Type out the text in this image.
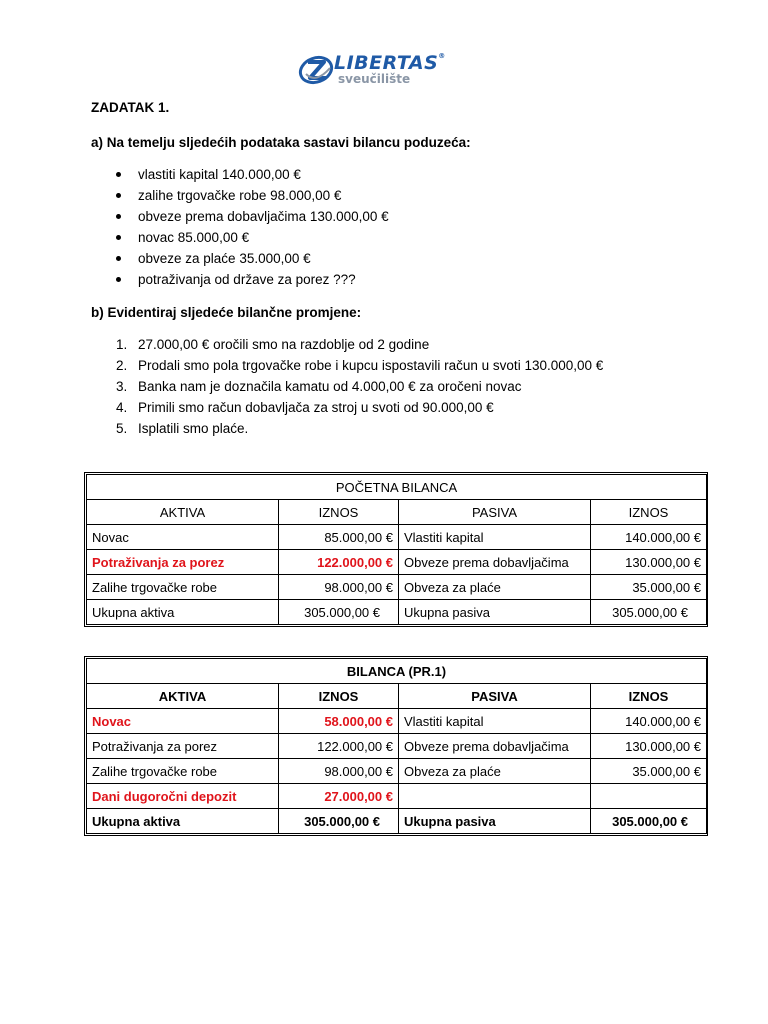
LIBERTAS®
sveučilište
ZADATAK 1.
a) Na temelju sljedećih podataka sastavi bilancu poduzeća:
vlastiti kapital 140.000,00 €
zalihe trgovačke robe 98.000,00 €
obveze prema dobavljačima 130.000,00 €
novac 85.000,00 €
obveze za plaće 35.000,00 €
potraživanja od države za porez ???
b) Evidentiraj sljedeće bilančne promjene:
1. 27.000,00 € oročili smo na razdoblje od 2 godine
2. Prodali smo pola trgovačke robe i kupcu ispostavili račun u svoti 130.000,00 €
3. Banka nam je doznačila kamatu od 4.000,00 € za oročeni novac
4. Primili smo račun dobavljača za stroj u svoti od 90.000,00 €
5. Isplatili smo plaće.
POČETNA BILANCA			
AKTIVA	IZNOS	PASIVA	IZNOS
Novac	85.000,00 €	Vlastiti kapital	140.000,00 €
Potraživanja za porez	122.000,00 €	Obveze prema dobavljačima	130.000,00 €
Zalihe trgovačke robe	98.000,00 €	Obveza za plaće	35.000,00 €
Ukupna aktiva	305.000,00 €	Ukupna pasiva	305.000,00 €
BILANCA (PR.1)			
AKTIVA	IZNOS	PASIVA	IZNOS
Novac	58.000,00 €	Vlastiti kapital	140.000,00 €
Potraživanja za porez	122.000,00 €	Obveze prema dobavljačima	130.000,00 €
Zalihe trgovačke robe	98.000,00 €	Obveza za plaće	35.000,00 €
Dani dugoročni depozit	27.000,00 €		
Ukupna aktiva	305.000,00 €	Ukupna pasiva	305.000,00 €
